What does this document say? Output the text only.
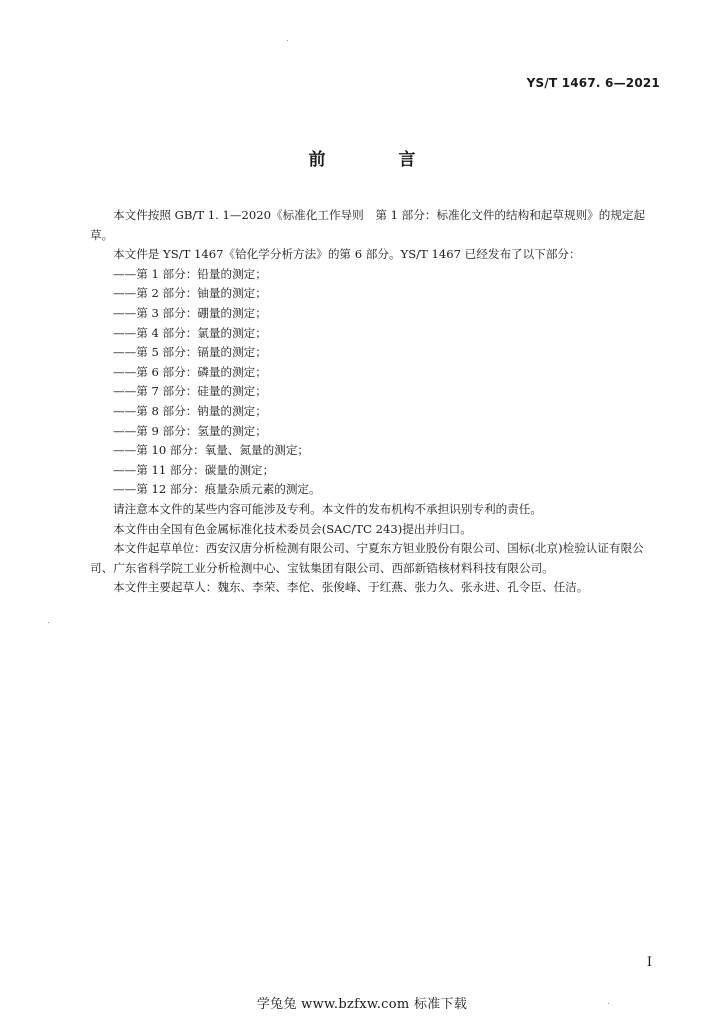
YS/T 1467. 6—2021
前　言

本文件按照 GB/T 1. 1—2020《标准化工作导则　第 1 部分：标准化文件的结构和起草规则》的规定起草。

本文件是 YS/T 1467《铪化学分析方法》的第 6 部分。YS/T 1467 已经发布了以下部分：

——第 1 部分：铅量的测定；

——第 2 部分：铀量的测定；

——第 3 部分：硼量的测定；

——第 4 部分：氯量的测定；

——第 5 部分：镉量的测定；

——第 6 部分：磷量的测定；

——第 7 部分：硅量的测定；

——第 8 部分：钠量的测定；

——第 9 部分：氢量的测定；

——第 10 部分：氧量、氮量的测定；

——第 11 部分：碳量的测定；

——第 12 部分：痕量杂质元素的测定。

请注意本文件的某些内容可能涉及专利。本文件的发布机构不承担识别专利的责任。

本文件由全国有色金属标准化技术委员会(SAC/TC 243)提出并归口。

本文件起草单位：西安汉唐分析检测有限公司、宁夏东方钽业股份有限公司、国标(北京)检验认证有限公司、广东省科学院工业分析检测中心、宝钛集团有限公司、西部新锆核材料科技有限公司。

本文件主要起草人：魏东、李荣、李佗、张俊峰、于红燕、张力久、张永进、孔令臣、任洁。

I
学兔兔 www.bzfxw.com 标准下载
